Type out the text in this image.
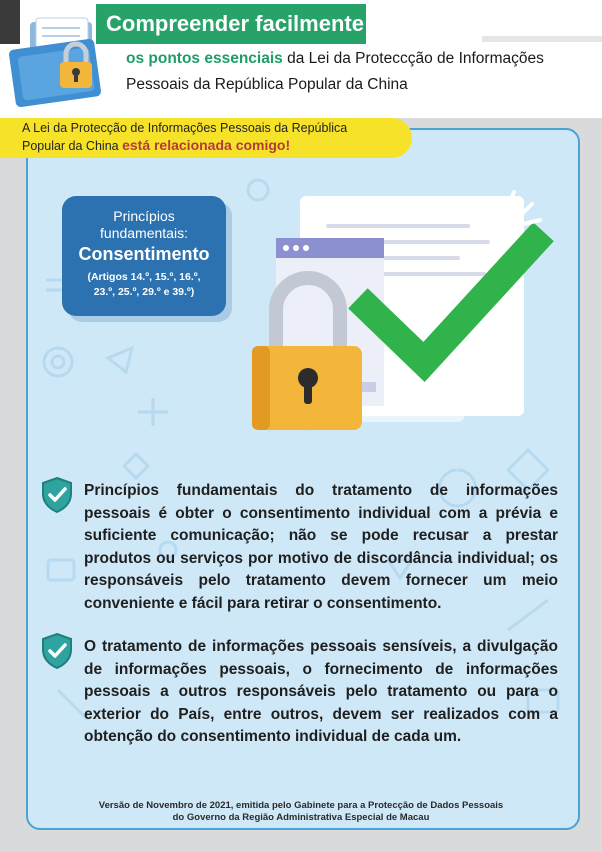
Compreender facilmente
os pontos essenciais da Lei da Proteccção de Informações
Pessoais da República Popular da China
A Lei da Protecção de Informações Pessoais da República
Popular da China está relacionada comigo!
Princípios
fundamentais:
Consentimento
(Artigos 14.º, 15.º, 16.º,
23.º, 25.º, 29.º e 39.º)
Princípios fundamentais do tratamento de informações pessoais é obter o consentimento individual com a prévia e suficiente comunicação; não se pode recusar a prestar produtos ou serviços por motivo de discordância individual; os responsáveis pelo tratamento devem fornecer um meio conveniente e fácil para retirar o consentimento.
O tratamento de informações pessoais sensíveis, a divulgação de informações pessoais, o fornecimento de informações pessoais a outros responsáveis pelo tratamento ou para o exterior do País, entre outros, devem ser realizados com a obtenção do consentimento individual de cada um.
Versão de Novembro de 2021, emitida pelo Gabinete para a Protecção de Dados Pessoais
do Governo da Região Administrativa Especial de Macau
